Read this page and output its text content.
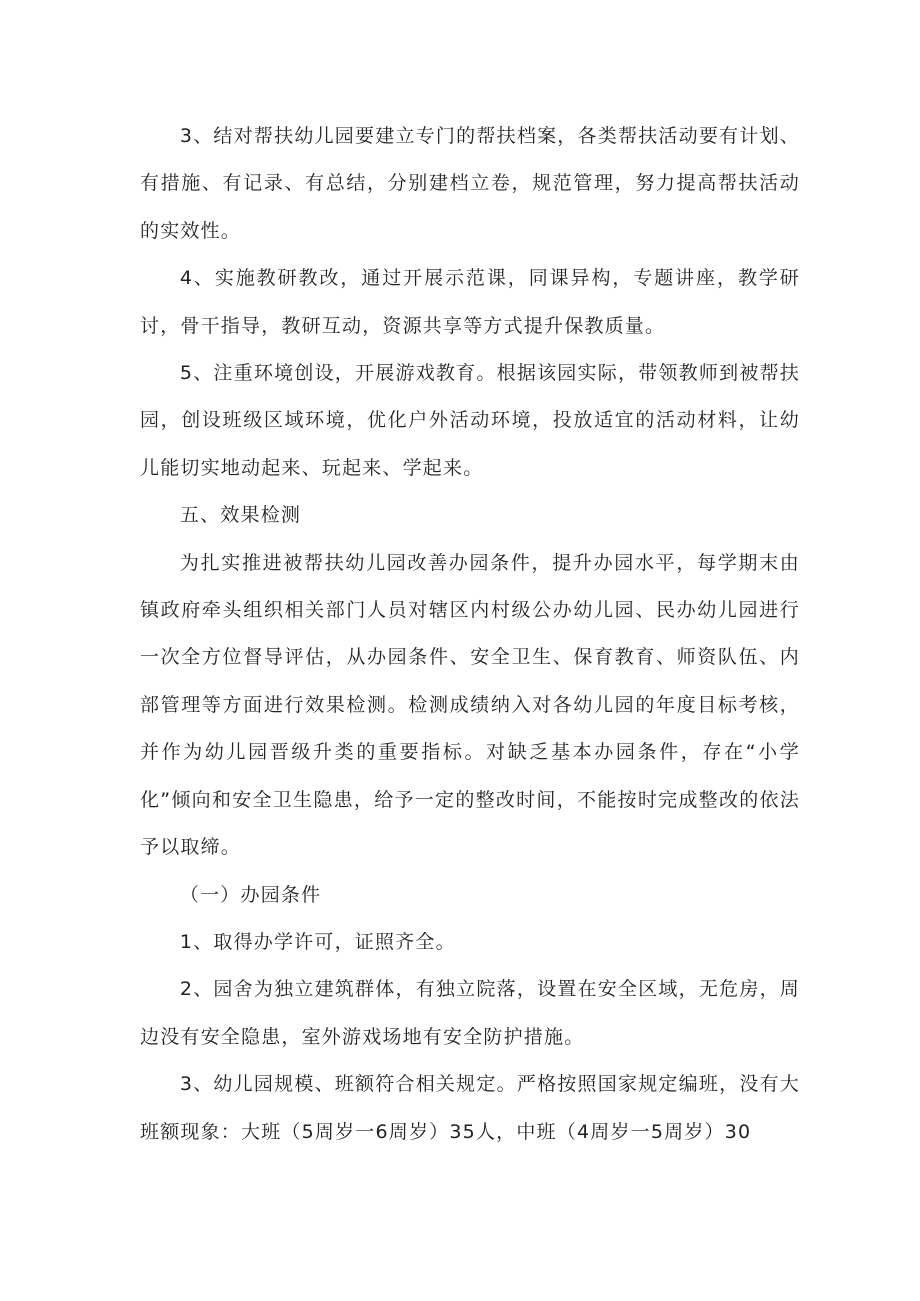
3、结对帮扶幼儿园要建立专门的帮扶档案，各类帮扶活动要有计划、有措施、有记录、有总结，分别建档立卷，规范管理，努力提高帮扶活动的实效性。

4、实施教研教改，通过开展示范课，同课异构，专题讲座，教学研讨，骨干指导，教研互动，资源共享等方式提升保教质量。

5、注重环境创设，开展游戏教育。根据该园实际，带领教师到被帮扶园，创设班级区域环境，优化户外活动环境，投放适宜的活动材料，让幼儿能切实地动起来、玩起来、学起来。

五、效果检测

为扎实推进被帮扶幼儿园改善办园条件，提升办园水平，每学期末由镇政府牵头组织相关部门人员对辖区内村级公办幼儿园、民办幼儿园进行一次全方位督导评估，从办园条件、安全卫生、保育教育、师资队伍、内部管理等方面进行效果检测。检测成绩纳入对各幼儿园的年度目标考核，并作为幼儿园晋级升类的重要指标。对缺乏基本办园条件，存在“小学化”倾向和安全卫生隐患，给予一定的整改时间，不能按时完成整改的依法予以取缔。

（一）办园条件

1、取得办学许可，证照齐全。

2、园舍为独立建筑群体，有独立院落，设置在安全区域，无危房，周边没有安全隐患，室外游戏场地有安全防护措施。

3、幼儿园规模、班额符合相关规定。严格按照国家规定编班，没有大班额现象：大班（5周岁一6周岁）35人，中班（4周岁一5周岁）30
